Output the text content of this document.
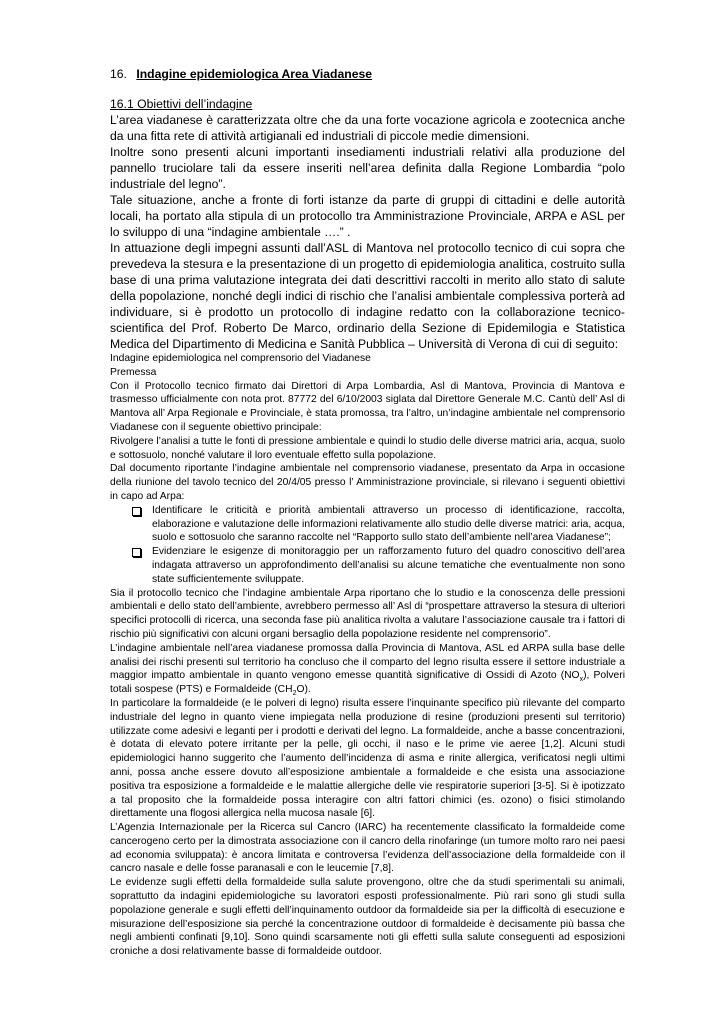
16. Indagine epidemiologica Area Viadanese

16.1 Obiettivi dell’indagine

L’area viadanese è caratterizzata oltre che da una forte vocazione agricola e zootecnica anche da una fitta rete di attività artigianali ed industriali di piccole medie dimensioni.

Inoltre sono presenti alcuni importanti insediamenti industriali relativi alla produzione del pannello truciolare tali da essere inseriti nell’area definita dalla Regione Lombardia “polo industriale del legno”.

Tale situazione, anche a fronte di forti istanze da parte di gruppi di cittadini e delle autorità locali, ha portato alla stipula di un protocollo tra Amministrazione Provinciale, ARPA e ASL per lo sviluppo di una “indagine ambientale ….” .

In attuazione degli impegni assunti dall’ASL di Mantova nel protocollo tecnico di cui sopra che prevedeva la stesura e la presentazione di un progetto di epidemiologia analitica, costruito sulla base di una prima valutazione integrata dei dati descrittivi raccolti in merito allo stato di salute della popolazione, nonché degli indici di rischio che l’analisi ambientale complessiva porterà ad individuare, si è prodotto un protocollo di indagine redatto con la collaborazione tecnico-scientifica del Prof. Roberto De Marco, ordinario della Sezione di Epidemilogia e Statistica Medica del Dipartimento di Medicina e Sanità Pubblica – Università di Verona di cui di seguito:

Indagine epidemiologica nel comprensorio del Viadanese

Premessa

Con il Protocollo tecnico firmato dai Direttori di Arpa Lombardia, Asl di Mantova, Provincia di Mantova e trasmesso ufficialmente con nota prot. 87772 del 6/10/2003 siglata dal Direttore Generale M.C. Cantù dell’ Asl di Mantova all’ Arpa Regionale e Provinciale, è stata promossa, tra l’altro, un’indagine ambientale nel comprensorio Viadanese con il seguente obiettivo principale:

Rivolgere l’analisi a tutte le fonti di pressione ambientale e quindi lo studio delle diverse matrici aria, acqua, suolo e sottosuolo, nonché valutare il loro eventuale effetto sulla popolazione.

Dal documento riportante l’indagine ambientale nel comprensorio viadanese, presentato da Arpa in occasione della riunione del tavolo tecnico del 20/4/05 presso l’ Amministrazione provinciale, si rilevano i seguenti obiettivi in capo ad Arpa:

Identificare le criticità e priorità ambientali attraverso un processo di identificazione, raccolta, elaborazione e valutazione delle informazioni relativamente allo studio delle diverse matrici: aria, acqua, suolo e sottosuolo che saranno raccolte nel “Rapporto sullo stato dell’ambiente nell’area Viadanese”;
Evidenziare le esigenze di monitoraggio per un rafforzamento futuro del quadro conoscitivo dell’area indagata attraverso un approfondimento dell’analisi su alcune tematiche che eventualmente non sono state sufficientemente sviluppate.

Sia il protocollo tecnico che l’indagine ambientale Arpa riportano che lo studio e la conoscenza delle pressioni ambientali e dello stato dell’ambiente, avrebbero permesso all’ Asl di “prospettare attraverso la stesura di ulteriori specifici protocolli di ricerca, una seconda fase più analitica rivolta a valutare l’associazione causale tra i fattori di rischio più significativi con alcuni organi bersaglio della popolazione residente nel comprensorio”.

L’indagine ambientale nell’area viadanese promossa dalla Provincia di Mantova, ASL ed ARPA sulla base delle analisi dei rischi presenti sul territorio ha concluso che il comparto del legno risulta essere il settore industriale a maggior impatto ambientale in quanto vengono emesse quantità significative di Ossidi di Azoto $(NO_x)$, Polveri totali sospese (PTS) e Formaldeide $(CH_2O)$.

In particolare la formaldeide (e le polveri di legno) risulta essere l’inquinante specifico più rilevante del comparto industriale del legno in quanto viene impiegata nella produzione di resine (produzioni presenti sul territorio) utilizzate come adesivi e leganti per i prodotti e derivati del legno. La formaldeide, anche a basse concentrazioni, è dotata di elevato potere irritante per la pelle, gli occhi, il naso e le prime vie aeree [1,2]. Alcuni studi epidemiologici hanno suggerito che l’aumento dell’incidenza di asma e rinite allergica, verificatosi negli ultimi anni, possa anche essere dovuto all’esposizione ambientale a formaldeide e che esista una associazione positiva tra esposizione a formaldeide e le malattie allergiche delle vie respiratorie superiori [3-5]. Si è ipotizzato a tal proposito che la formaldeide possa interagire con altri fattori chimici (es. ozono) o fisici stimolando direttamente una flogosi allergica nella mucosa nasale [6].

L’Agenzia Internazionale per la Ricerca sul Cancro (IARC) ha recentemente classificato la formaldeide come cancerogeno certo per la dimostrata associazione con il cancro della rinofaringe (un tumore molto raro nei paesi ad economia sviluppata): è ancora limitata e controversa l’evidenza dell’associazione della formaldeide con il cancro nasale e delle fosse paranasali e con le leucemie [7,8].

Le evidenze sugli effetti della formaldeide sulla salute provengono, oltre che da studi sperimentali su animali, soprattutto da indagini epidemiologiche su lavoratori esposti professionalmente. Più rari sono gli studi sulla popolazione generale e sugli effetti dell’inquinamento outdoor da formaldeide sia per la difficoltà di esecuzione e misurazione dell’esposizione sia perché la concentrazione outdoor di formaldeide è decisamente più bassa che negli ambienti confinati [9,10]. Sono quindi scarsamente noti gli effetti sulla salute conseguenti ad esposizioni croniche a dosi relativamente basse di formaldeide outdoor.
